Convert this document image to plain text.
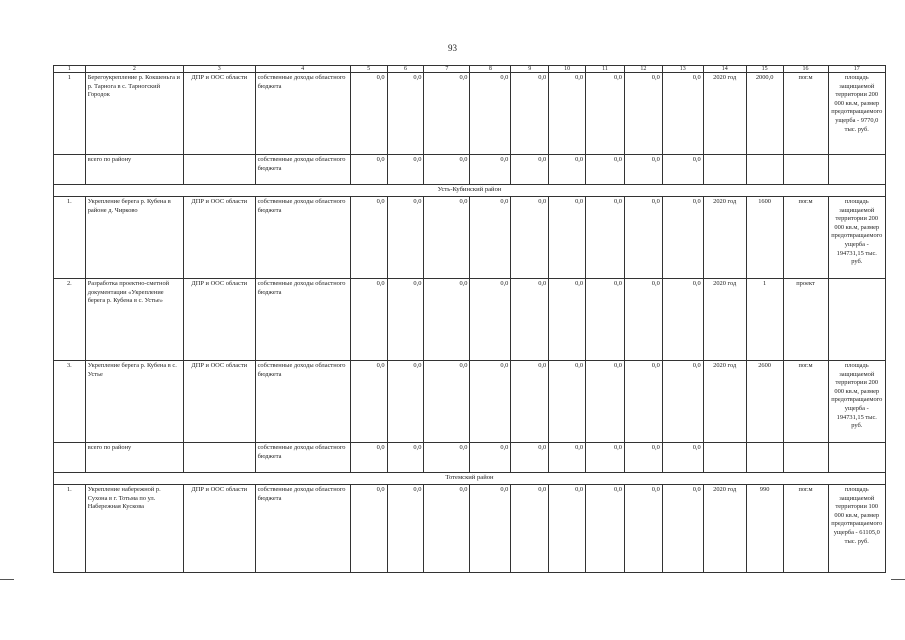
93
1	2	3	4	5	6	7	8	9	10	11	12	13	14	15	16	17
1	Берегоукрепление р. Кокшеньга и р. Тарнога в с. Тарногский Городок	ДПР и ООС области	собственные доходы областного бюджета	0,0	0,0	0,0	0,0	0,0	0,0	0,0	0,0	0,0	2020 год	2000,0	пог.м	площадь защищаемой территории 200 000 кв.м, размер предотвращаемого ущерба - 9770,0 тыс. руб.
	всего по району		собственные доходы областного бюджета	0,0	0,0	0,0	0,0	0,0	0,0	0,0	0,0	0,0				
Усть-Кубинский район																
1.	Укрепление берега р. Кубена в районе д. Чирково	ДПР и ООС области	собственные доходы областного бюджета	0,0	0,0	0,0	0,0	0,0	0,0	0,0	0,0	0,0	2020 год	1600	пог.м	площадь защищаемой территории 200 000 кв.м, размер предотвращаемого ущерба - 194731,15 тыс. руб.
2.	Разработка проектно-сметной документации «Укрепление берега р. Кубена в с. Устье»	ДПР и ООС области	собственные доходы областного бюджета	0,0	0,0	0,0	0,0	0,0	0,0	0,0	0,0	0,0	2020 год	1	проект	
3.	Укрепление берега р. Кубена в с. Устье	ДПР и ООС области	собственные доходы областного бюджета	0,0	0,0	0,0	0,0	0,0	0,0	0,0	0,0	0,0	2020 год	2600	пог.м	площадь защищаемой территории 200 000 кв.м, размер предотвращаемого ущерба - 194731,15 тыс. руб.
	всего по району		собственные доходы областного бюджета	0,0	0,0	0,0	0,0	0,0	0,0	0,0	0,0	0,0				
Тотемский район																
1.	Укрепление набережной р. Сухона в г. Тотьма по ул. Набережная Кускова	ДПР и ООС области	собственные доходы областного бюджета	0,0	0,0	0,0	0,0	0,0	0,0	0,0	0,0	0,0	2020 год	990	пог.м	площадь защищаемой территории 100 000 кв.м, размер предотвращаемого ущерба - 61105,0 тыс. руб.
